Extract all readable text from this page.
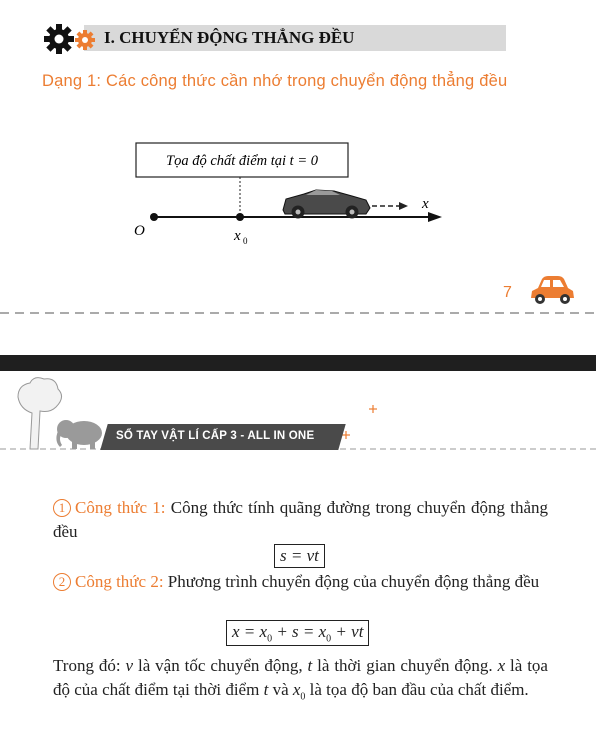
I. CHUYỂN ĐỘNG THẲNG ĐỀU
Dạng 1: Các công thức cần nhớ trong chuyển động thẳng đều
Tọa độ chất điểm tại t = 0
O	x 0
x
7
SỔ TAY VẬT LÍ CẤP 3 - ALL IN ONE
1 Công thức 1: Công thức tính quãng đường trong chuyển động thẳng đều
s = vt
2 Công thức 2: Phương trình chuyển động của chuyển động thẳng đều
$x = x_0 + s = x_0$ + vt
Trong đó: v là vận tốc chuyển động, t là thời gian chuyển động. x là tọa độ của chất điểm tại thời điểm t và $x_0$ là tọa độ ban đầu của chất điểm.
